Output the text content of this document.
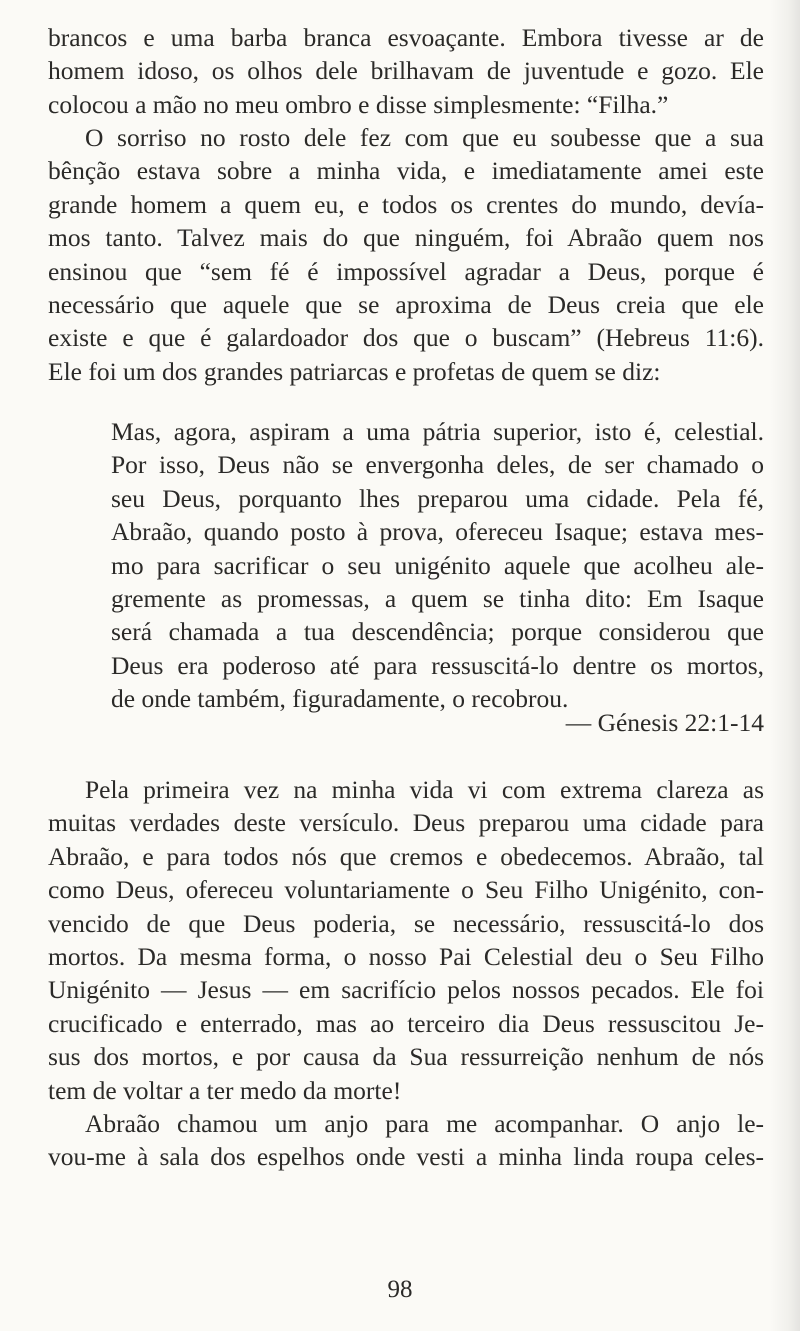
brancos e uma barba branca esvoaçante. Embora tivesse ar de
homem idoso, os olhos dele brilhavam de juventude e gozo. Ele
colocou a mão no meu ombro e disse simplesmente: “Filha.”
O sorriso no rosto dele fez com que eu soubesse que a sua
bênção estava sobre a minha vida, e imediatamente amei este
grande homem a quem eu, e todos os crentes do mundo, devía-
mos tanto. Talvez mais do que ninguém, foi Abraão quem nos
ensinou que “sem fé é impossível agradar a Deus, porque é
necessário que aquele que se aproxima de Deus creia que ele
existe e que é galardoador dos que o buscam” (Hebreus 11:6).
Ele foi um dos grandes patriarcas e profetas de quem se diz:
Mas, agora, aspiram a uma pátria superior, isto é, celestial.
Por isso, Deus não se envergonha deles, de ser chamado o
seu Deus, porquanto lhes preparou uma cidade. Pela fé,
Abraão, quando posto à prova, ofereceu Isaque; estava mes-
mo para sacrificar o seu unigénito aquele que acolheu ale-
gremente as promessas, a quem se tinha dito: Em Isaque
será chamada a tua descendência; porque considerou que
Deus era poderoso até para ressuscitá-lo dentre os mortos,
de onde também, figuradamente, o recobrou.

— Génesis 22:1-14

Pela primeira vez na minha vida vi com extrema clareza as
muitas verdades deste versículo. Deus preparou uma cidade para
Abraão, e para todos nós que cremos e obedecemos. Abraão, tal
como Deus, ofereceu voluntariamente o Seu Filho Unigénito, con-
vencido de que Deus poderia, se necessário, ressuscitá-lo dos
mortos. Da mesma forma, o nosso Pai Celestial deu o Seu Filho
Unigénito — Jesus — em sacrifício pelos nossos pecados. Ele foi
crucificado e enterrado, mas ao terceiro dia Deus ressuscitou Je-
sus dos mortos, e por causa da Sua ressurreição nenhum de nós
tem de voltar a ter medo da morte!
Abraão chamou um anjo para me acompanhar. O anjo le-
vou-me à sala dos espelhos onde vesti a minha linda roupa celes-

98
